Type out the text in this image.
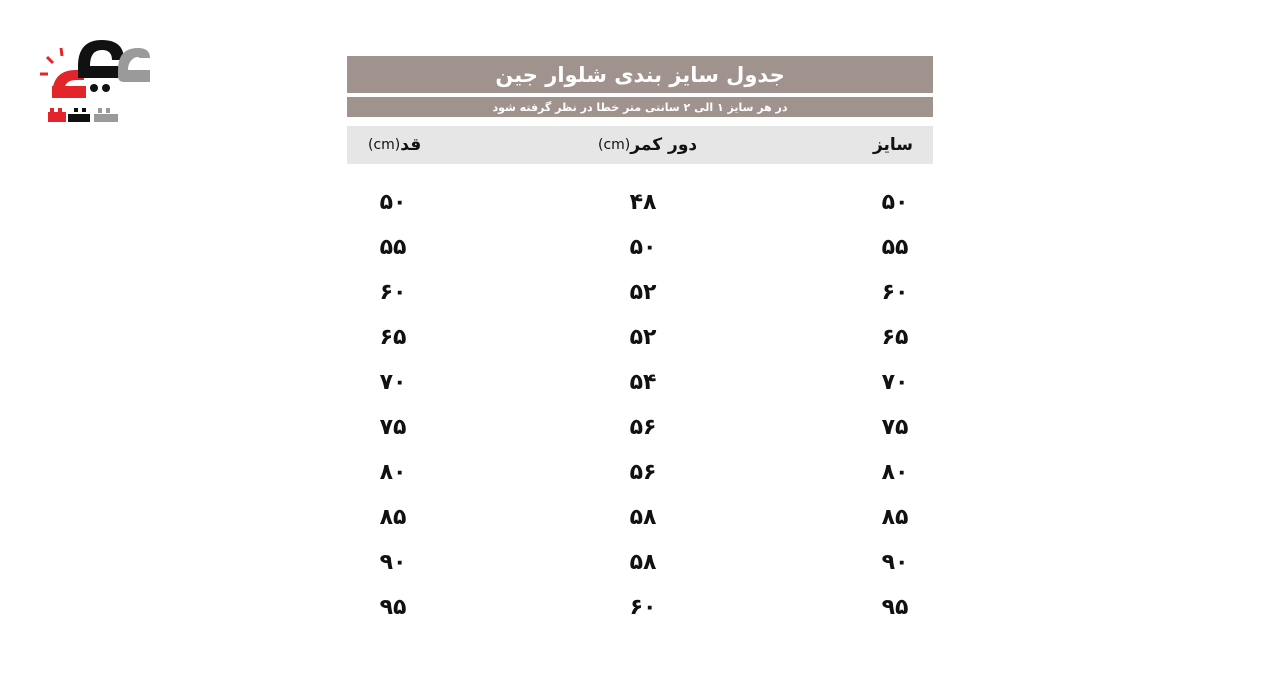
جدول سایز بندی شلوار جین
در هر سایز ۱ الی ۲ سانتی متر خطا در نظر گرفته شود
(cm) قد	(cm) دور کمر	سایز
۵۰	۴۸	۵۰
۵۵	۵۰	۵۵
۶۰	۵۲	۶۰
۶۵	۵۲	۶۵
۷۰	۵۴	۷۰
۷۵	۵۶	۷۵
۸۰	۵۶	۸۰
۸۵	۵۸	۸۵
۹۰	۵۸	۹۰
۹۵	۶۰	۹۵
